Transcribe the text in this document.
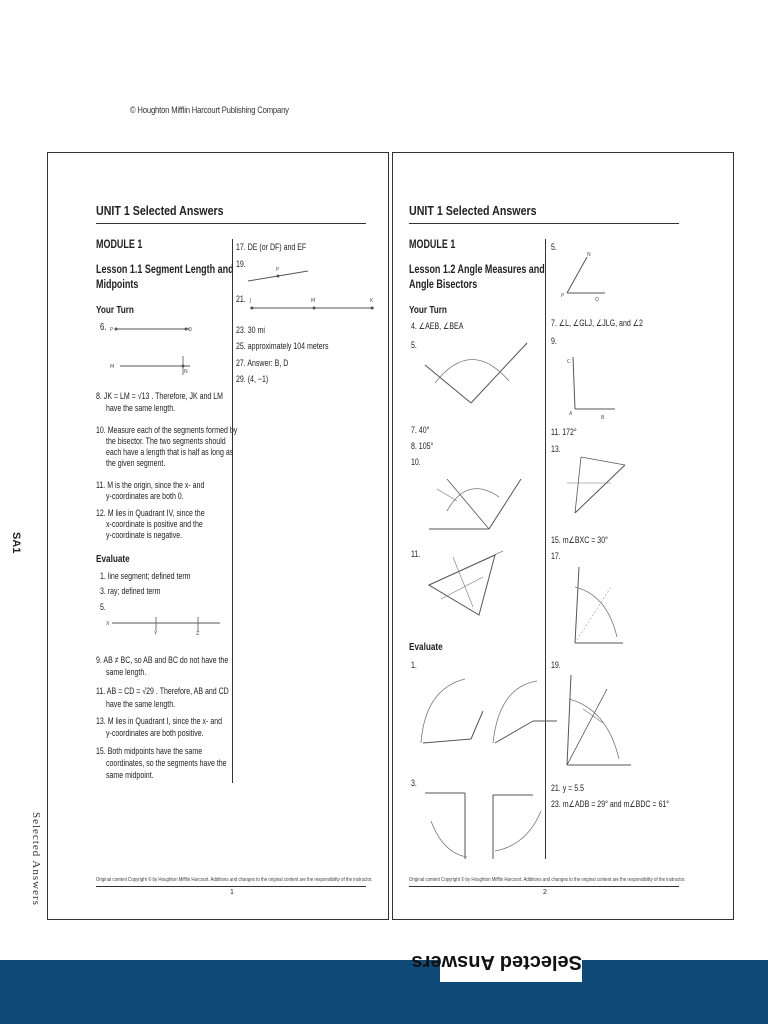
© Houghton Mifflin Harcourt Publishing Company
SA1
Selected Answers
UNIT 1 Selected Answers
MODULE 1
Lesson 1.1 Segment Length and
Midpoints
Your Turn
6. P	Q
M
N
8. JK = LM = √13 . Therefore, JK and LM
have the same length.
10. Measure each of the segments formed by
the bisector. The two segments should
each have a length that is half as long as
the given segment.
11. M is the origin, since the x- and
y-coordinates are both 0.
12. M lies in Quadrant IV, since the
x-coordinate is positive and the
y-coordinate is negative.
Evaluate
1. line segment; defined term
3. ray; defined term
5.
X
Y	Z
9. AB ≠ BC, so AB and BC do not have the
same length.
11. AB = CD = √29 . Therefore, AB and CD
have the same length.
13. M lies in Quadrant I, since the x- and
y-coordinates are both positive.
15. Both midpoints have the same
coordinates, so the segments have the
same midpoint.
17. DE (or DF) and EF
19.
P
21. J	M	K
23. 30 mi
25. approximately 104 meters
27. Answer: B, D
29. (4, −1)
Original content Copyright © by Houghton Mifflin Harcourt. Additions and changes to the original content are the responsibility of the instructor.
1
UNIT 1 Selected Answers
MODULE 1
Lesson 1.2 Angle Measures and
Angle Bisectors
Your Turn
4. ∠AEB, ∠BEA
5.
7. 40°
8. 105°
10.
11.
Evaluate
1.
3.
5.
N
P
Q
7. ∠L, ∠GLJ, ∠JLG, and ∠2
9.
C
A
B
11. 172°
13.
15. m∠BXC = 30°
17.
19.
21. y = 5.5
23. m∠ADB = 29° and m∠BDC = 61°
Original content Copyright © by Houghton Mifflin Harcourt. Additions and changes to the original content are the responsibility of the instructor.
2
Selected Answers
